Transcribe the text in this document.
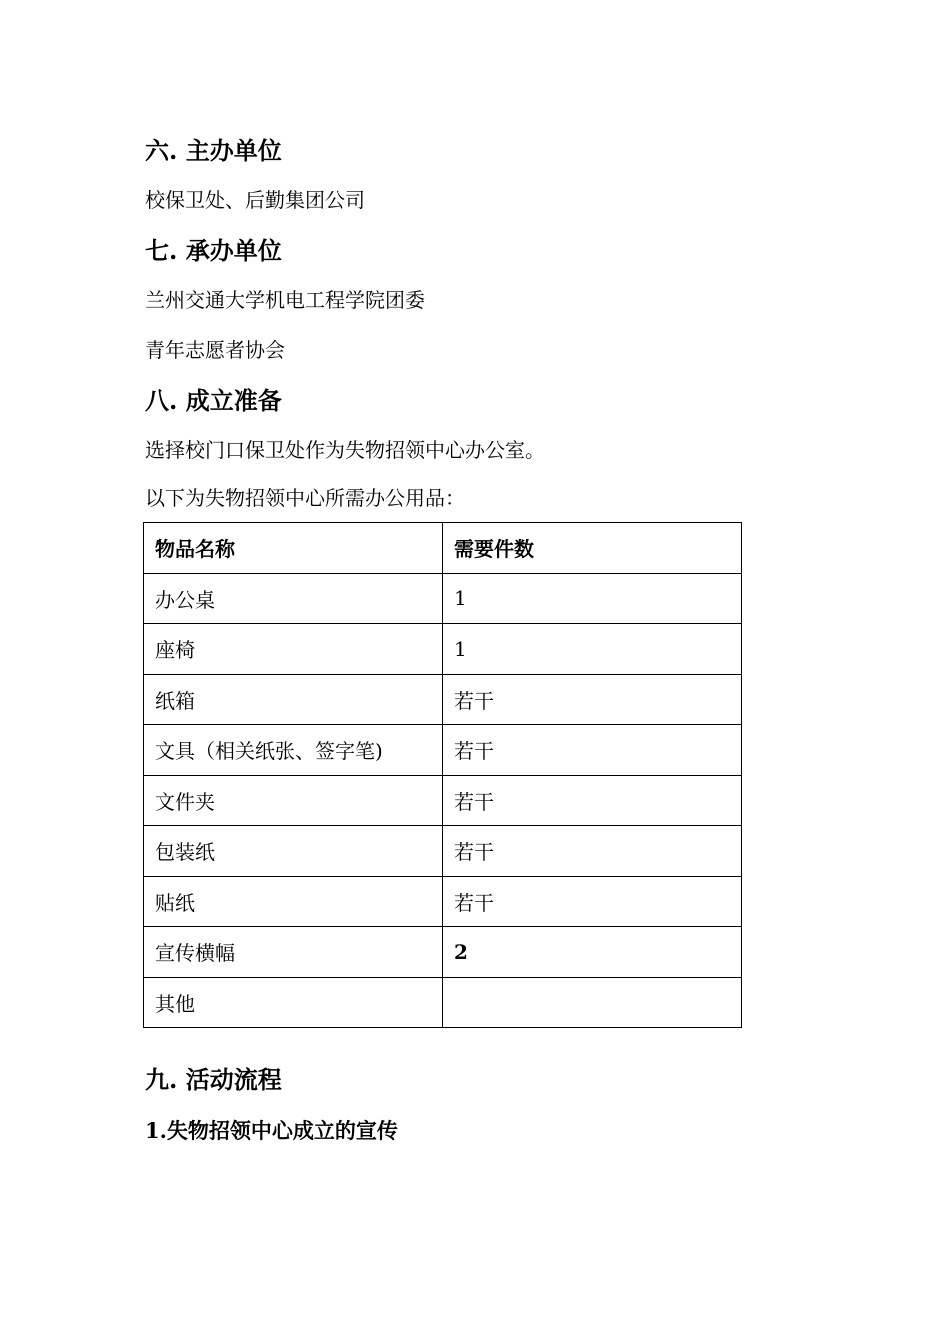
六. 主办单位
校保卫处、后勤集团公司
七. 承办单位
兰州交通大学机电工程学院团委
青年志愿者协会
八. 成立准备
选择校门口保卫处作为失物招领中心办公室。
以下为失物招领中心所需办公用品：
物品名称	需要件数
办公桌	1
座椅	1
纸箱	若干
文具（相关纸张、签字笔)	若干
文件夹	若干
包装纸	若干
贴纸	若干
宣传横幅	2
其他	
九. 活动流程
1.失物招领中心成立的宣传
